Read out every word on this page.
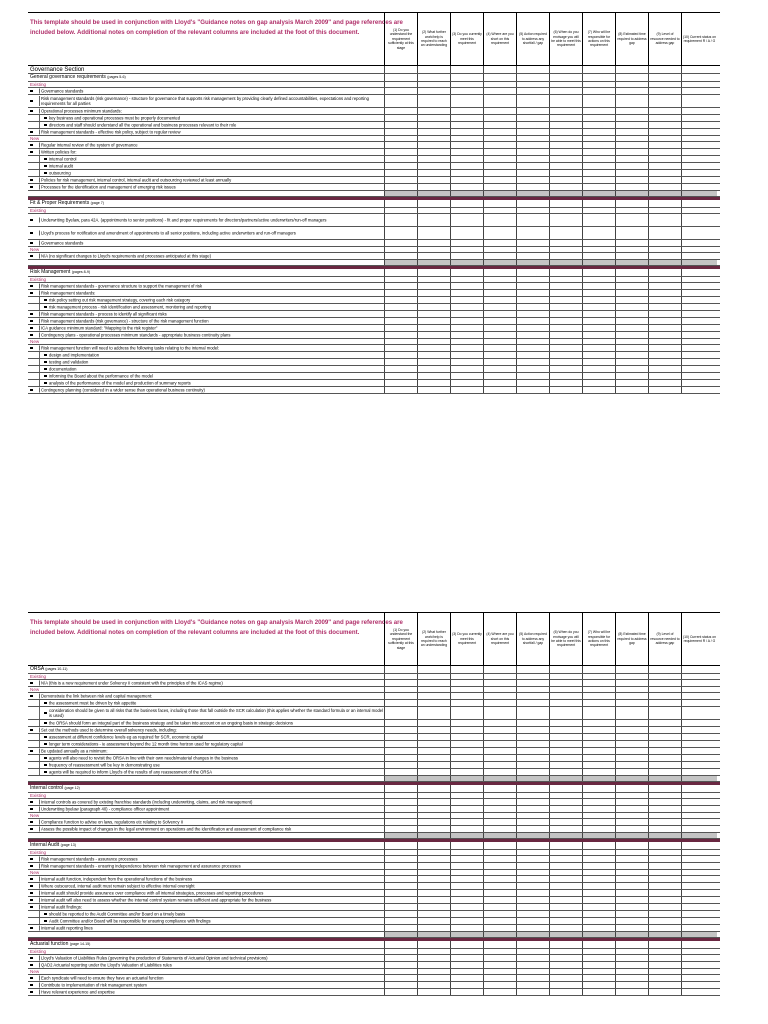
This template should be used in conjunction with Lloyd's "Guidance notes on gap analysis March 2009" and page references are included below. Additional notes on completion of the relevant columns are included at the foot of this document.	(1) Do you understand the requirement sufficiently at this stage
(2) What further work/help is required to reach an understanding
(3) Do you currently meet this requirement
(4) Where are you short on this requirement
(5) Action required to address any shortfall / gap
(6) When do you envisage you will be able to meet this requirement
(7) Who will be responsible for actions on this requirement
(8) Estimated time required to address gap
(9) Level of resource needed to address gap
(10) Current status on requirement R / A / G
Governance Section
General governance requirements (pages 5-6)
Existing
Governance standards
Risk management standards (risk governance) - structure for governance that supports risk management by providing clearly defined accountabilities, expectations and reporting requirements for all parties
Operational processes minimum standards:
key business and operational processes must be properly documented
directors and staff should understand all the operational and business processes relevant to their role
Risk management standards - effective risk policy, subject to regular review
New
Regular internal review of the system of governance
Written policies for:
internal control
internal audit
outsourcing
Policies for risk management, internal control, internal audit and outsourcing reviewed at least annually
Processes for the identification and management of emerging risk issues
Fit & Proper Requirements (page 7)
Existing
Underwriting Byelaw, para 42A. (appointments to senior positions) - fit and proper requirements for directors/partners/active underwriters/run-off managers
Lloyd's process for notification and amendment of appointments to all senior positions, including active underwriters and run-off managers
Governance standards
New
N/A (no significant changes to Lloyd's requirements and processes anticipated at this stage)
Risk Management (pages 8-9)
Existing
Risk management standards - governance structure to support the management of risk
Risk management standards:
risk policy setting out risk management strategy, covering each risk category
risk management process - risk identification and assessment, monitoring and reporting
Risk management standards - process to identify all significant risks
Risk management standards (risk governance) - structure of the risk management function
ICA guidance minimum standard: "Mapping to the risk register"
Contingency plans - operational processes minimum standards - appropriate business continuity plans
New
Risk management function will need to address the following tasks relating to the internal model:
design and implementation
testing and validation
documentation
informing the Board about the performance of the model
analysis of the performance of the model and production of summary reports
Contingency planning (considered in a wider sense than operational business continuity)
This template should be used in conjunction with Lloyd's "Guidance notes on gap analysis March 2009" and page references are included below. Additional notes on completion of the relevant columns are included at the foot of this document.	(1) Do you understand the requirement sufficiently at this stage
(2) What further work/help is required to reach an understanding
(3) Do you currently meet this requirement
(4) Where are you short on this requirement
(5) Action required to address any shortfall / gap
(6) When do you envisage you will be able to meet this requirement
(7) Who will be responsible for actions on this requirement
(8) Estimated time required to address gap
(9) Level of resource needed to address gap
(10) Current status on requirement R / A / G
ORSA (pages 10-11)
Existing
N/A (this is a new requirement under Solvency II consistent with the principles of the ICAS regime)
New
Demonstrate the link between risk and capital management:
the assessment must be driven by risk appetite
consideration should be given to all risks that the business faces, including those that fall outside the SCR calculation (this applies whether the standard formula or an internal model is used)
the ORSA should form an integral part of the business strategy and be taken into account on an ongoing basis in strategic decisions
Set out the methods used to determine overall solvency needs, including:
assessment at different confidence levels eg as required for SCR, economic capital
longer term considerations - ie assessment beyond the 12 month time horizon used for regulatory capital
Be updated annually as a minimum:
agents will also need to revisit the ORSA in line with their own needs/material changes in the business
frequency of reassessment will be key in demonstrating use
agents will be required to inform Lloyd's of the results of any reassessment of the ORSA
Internal control (page 12)
Existing
Internal controls as covered by existing franchise standards (including underwriting, claims, and risk management)
Underwriting byelaw (paragraph 40) - compliance officer appointment
New
Compliance function to advise on laws, regulations etc relating to Solvency II
Assess the possible impact of changes in the legal environment on operations and the identification and assessment of compliance risk
Internal Audit (page 13)
Existing
Risk management standards - assurance processes
Risk management standards - ensuring independence between risk management and assurance processes
New
Internal audit function, independent from the operational functions of the business
Where outsourced, internal audit must remain subject to effective internal oversight
Internal audit should provide assurance over compliance with all internal strategies, processes and reporting procedures
Internal audit will also need to assess whether the internal control system remains sufficient and appropriate for the business
Internal audit findings:
should be reported to the Audit Committee and/or Board on a timely basis
Audit Committee and/or Board will be responsible for ensuring compliance with findings
Internal audit reporting lines
Actuarial function (page 14-15)
Existing
Lloyd's Valuation of Liabilities Rules (governing the production of Statements of Actuarial Opinion and technical provisions)
QAD2 Actuarial reporting under the Lloyd's Valuation of Liabilities rules
New
Each syndicate will need to ensure they have an actuarial function
Contribute to implementation of risk management system
Have relevant experience and expertise
